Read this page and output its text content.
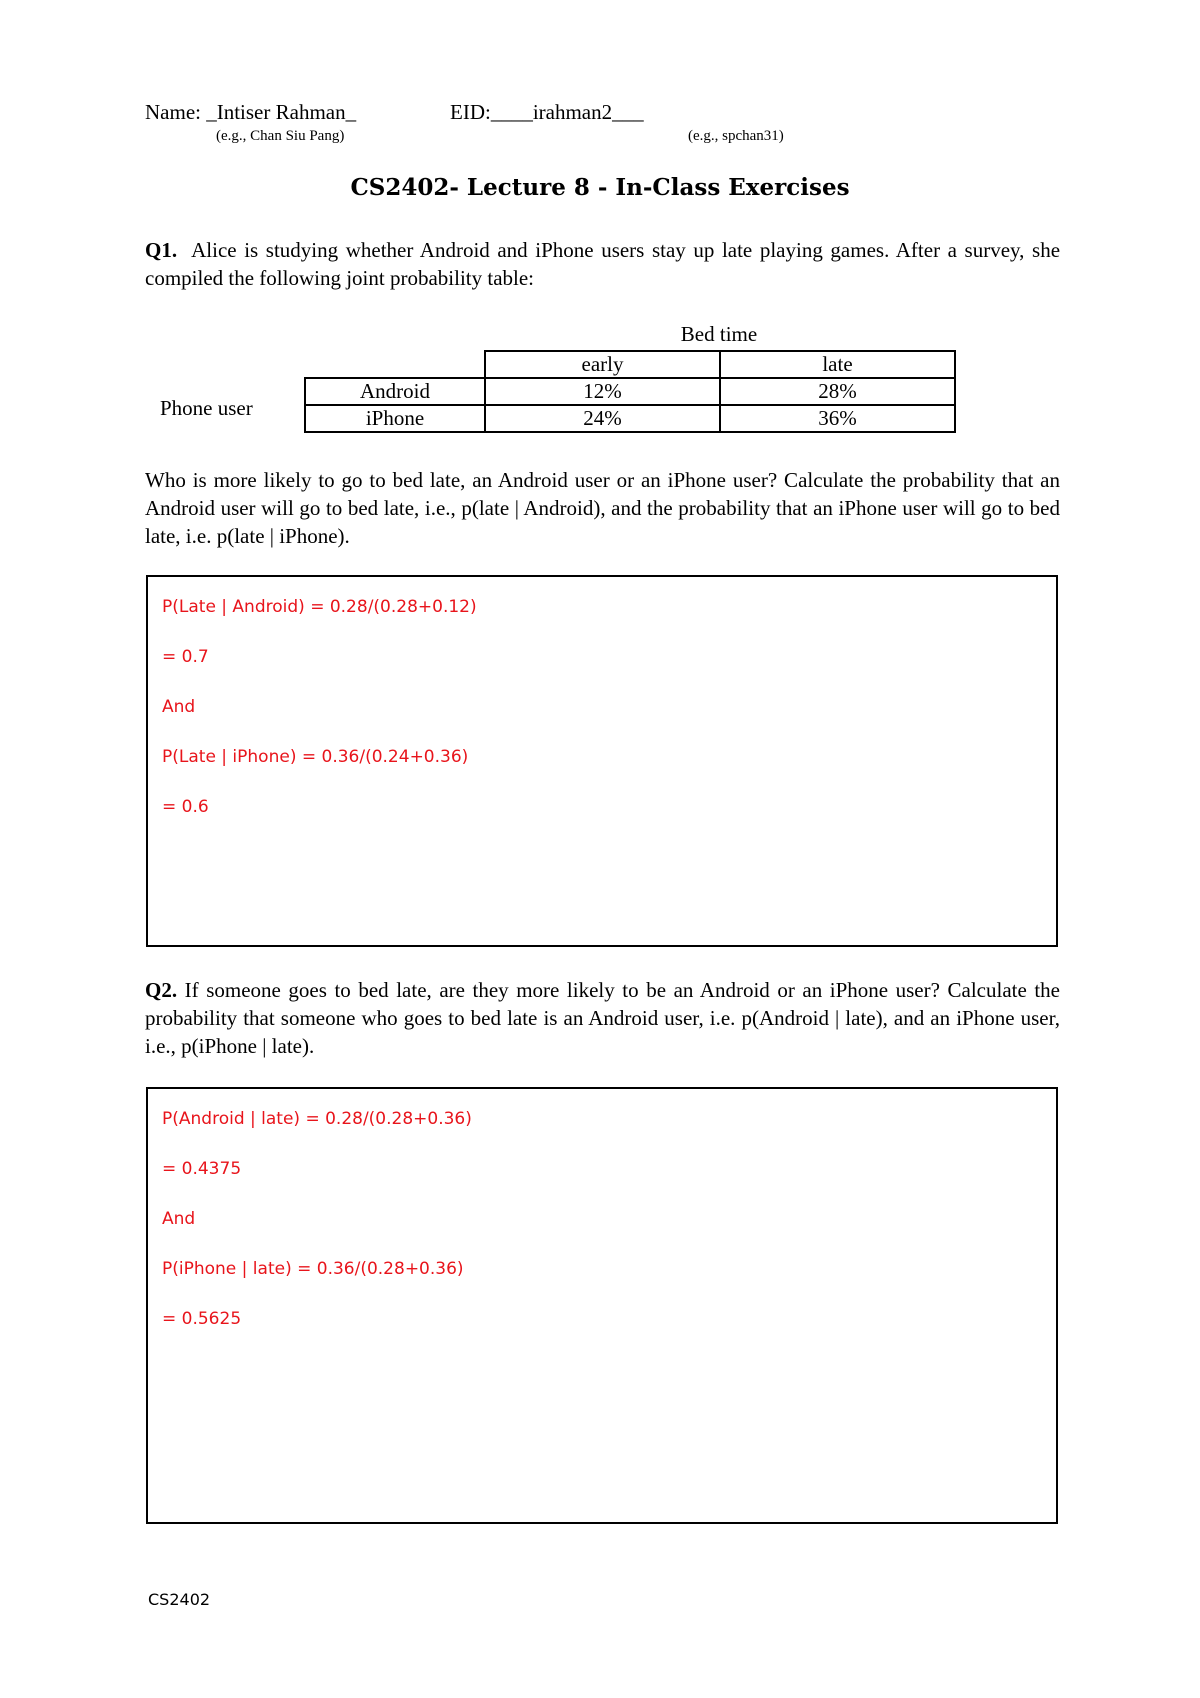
Name: _Intiser Rahman_	EID:____irahman2___
(e.g., Chan Siu Pang)	(e.g., spchan31)
CS2402- Lecture 8 - In-Class Exercises
Q1. Alice is studying whether Android and iPhone users stay up late playing games. After a survey, she compiled the following joint probability table:
Bed time
Phone user
	early	late
Android	12%	28%
iPhone	24%	36%
Who is more likely to go to bed late, an Android user or an iPhone user? Calculate the probability that an Android user will go to bed late, i.e., p(late | Android), and the probability that an iPhone user will go to bed late, i.e. p(late | iPhone).
P(Late | Android) = 0.28/(0.28+0.12)
= 0.7
And
P(Late | iPhone) = 0.36/(0.24+0.36)
= 0.6
Q2. If someone goes to bed late, are they more likely to be an Android or an iPhone user? Calculate the probability that someone who goes to bed late is an Android user, i.e. p(Android | late), and an iPhone user, i.e., p(iPhone | late).
P(Android | late) = 0.28/(0.28+0.36)
= 0.4375
And
P(iPhone | late) = 0.36/(0.28+0.36)
= 0.5625
CS2402
